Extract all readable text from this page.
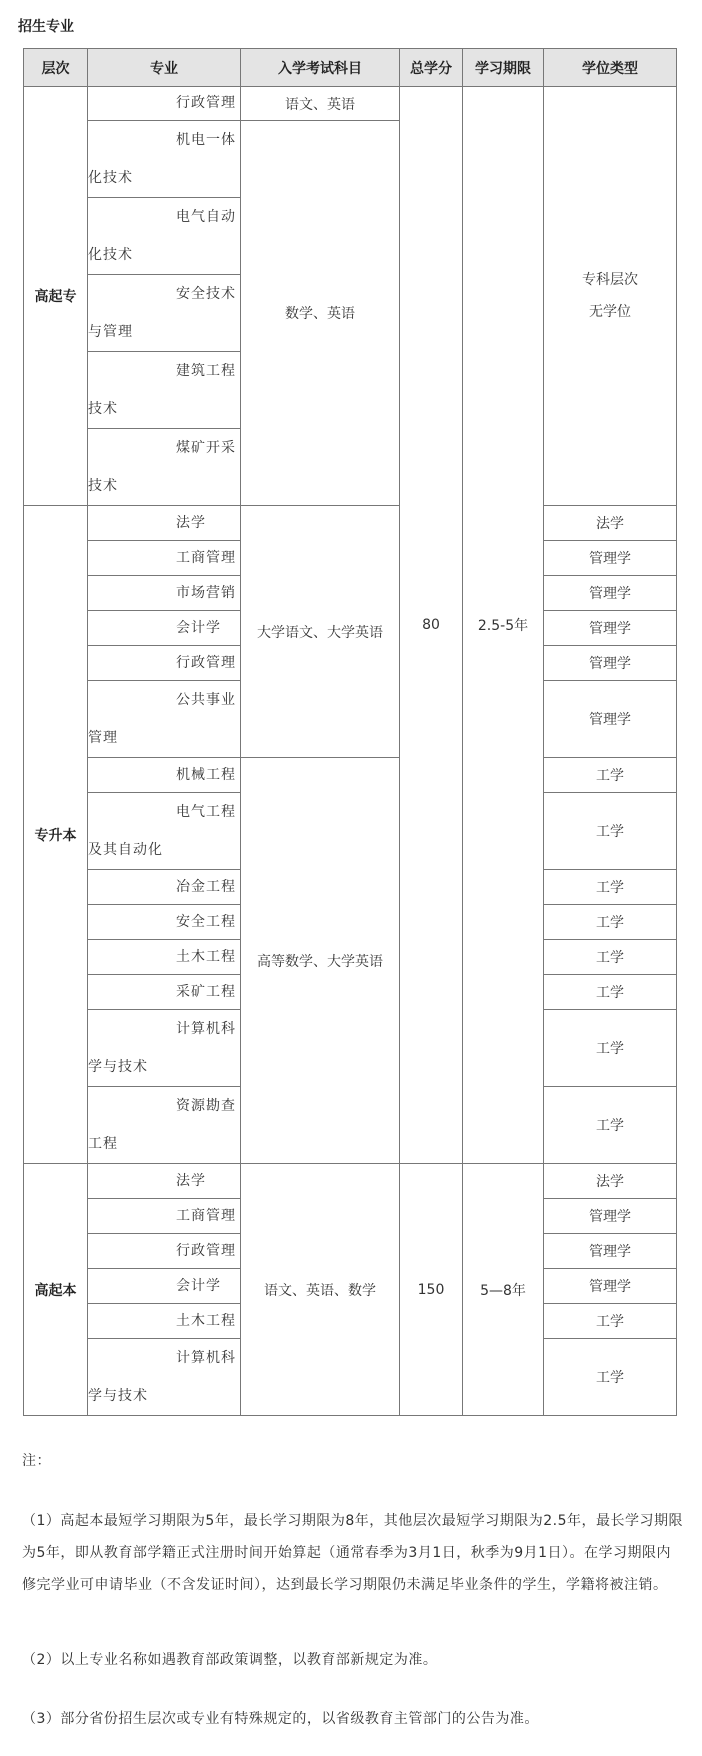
招生专业
层次	专业	入学考试科目	总学分	学习期限	学位类型
高起专	行政管理	语文、英语	80	2.5-5年	专科层次
无学位

	机电一体化技术	数学、英语			

	电气自动化技术				

	安全技术与管理				

	建筑工程技术				

	煤矿开采技术				

专升本	法学	大学语文、大学英语			法学

	工商管理				管理学

	市场营销				管理学

	会计学				管理学

	行政管理				管理学

	公共事业管理				管理学

	机械工程	高等数学、大学英语			工学

	电气工程及其自动化				工学

	冶金工程				工学

	安全工程				工学

	土木工程				工学

	采矿工程				工学

	计算机科学与技术				工学

	资源勘查工程				工学
高起本	法学	语文、英语、数学	150	5—8年	法学

	工商管理				管理学

	行政管理				管理学

	会计学				管理学

	土木工程				工学

	计算机科学与技术				工学

注：

（1）高起本最短学习期限为5年，最长学习期限为8年，其他层次最短学习期限为2.5年，最长学习期限为5年，即从教育部学籍正式注册时间开始算起（通常春季为3月1日，秋季为9月1日）。在学习期限内修完学业可申请毕业（不含发证时间），达到最长学习期限仍未满足毕业条件的学生，学籍将被注销。

（2）以上专业名称如遇教育部政策调整，以教育部新规定为准。

（3）部分省份招生层次或专业有特殊规定的，以省级教育主管部门的公告为准。
